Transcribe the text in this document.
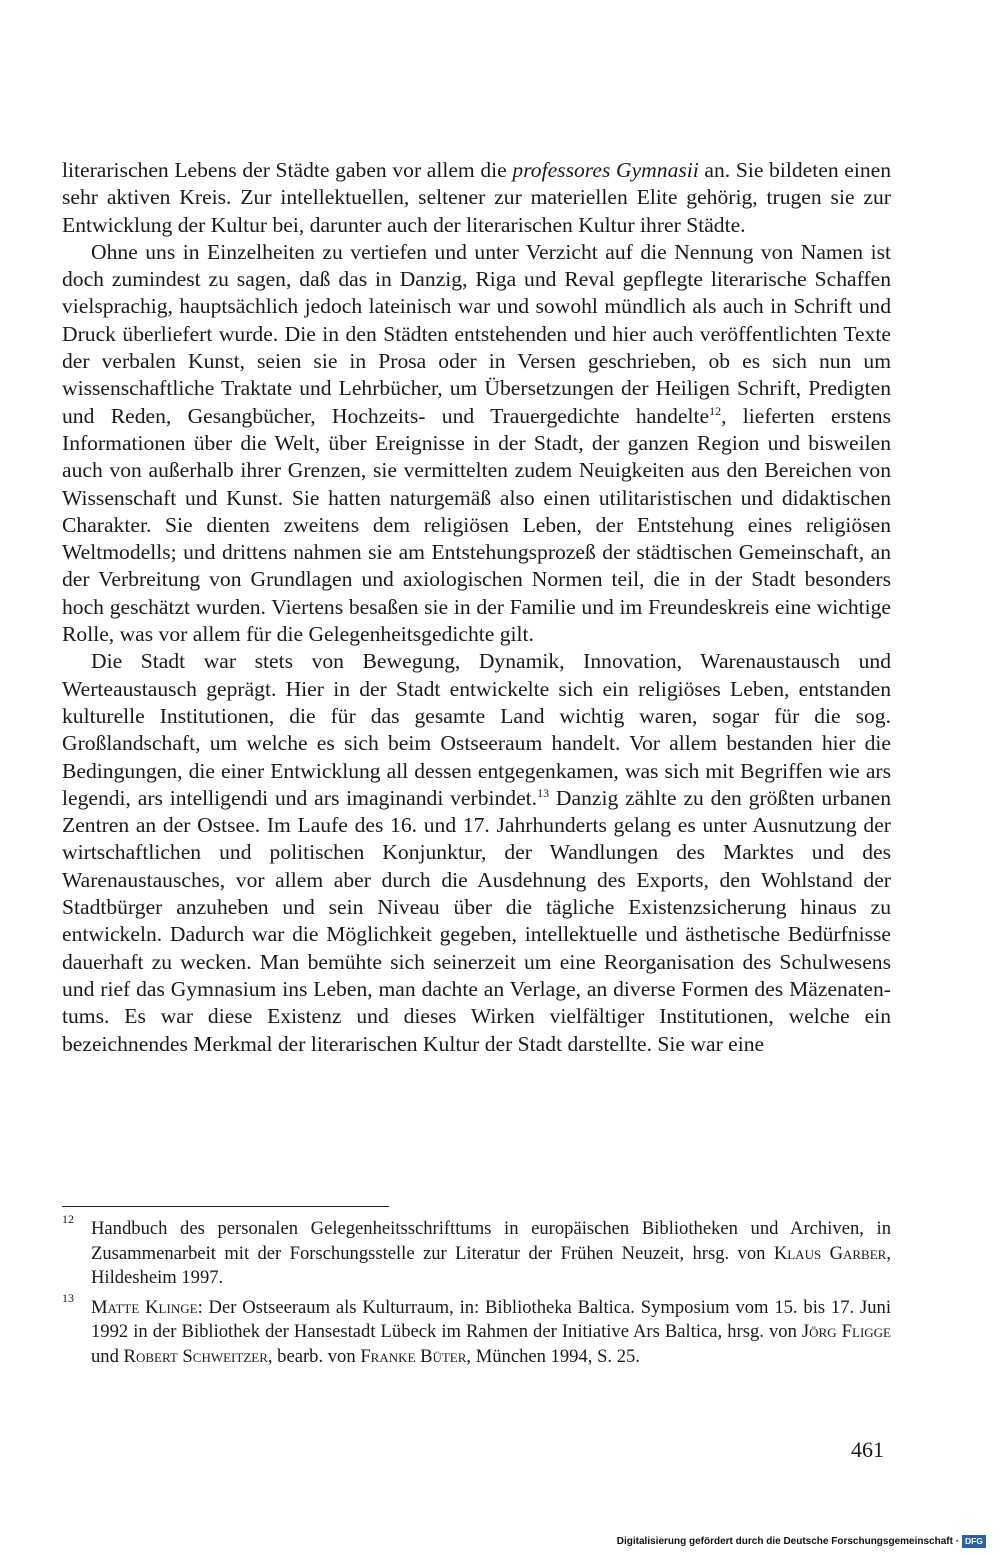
literarischen Lebens der Städte gaben vor allem die professores Gymnasii an. Sie bildeten einen sehr aktiven Kreis. Zur intellektuellen, seltener zur materiellen Elite gehörig, trugen sie zur Entwicklung der Kultur bei, darunter auch der literarischen Kultur ihrer Städte.

Ohne uns in Einzelheiten zu vertiefen und unter Verzicht auf die Nennung von Namen ist doch zumindest zu sagen, daß das in Danzig, Riga und Reval gepflegte literarische Schaffen vielsprachig, hauptsächlich jedoch lateinisch war und sowohl mündlich als auch in Schrift und Druck überliefert wurde. Die in den Städten entstehenden und hier auch veröffentlichten Texte der verbalen Kunst, seien sie in Prosa oder in Versen geschrieben, ob es sich nun um wissenschaftliche Traktate und Lehrbücher, um Übersetzungen der Heiligen Schrift, Predigten und Reden, Gesangbücher, Hochzeits- und Trauergedichte handelte$^{12}$, lieferten erstens Informationen über die Welt, über Ereignisse in der Stadt, der ganzen Region und bisweilen auch von außerhalb ihrer Grenzen, sie vermittelten zudem Neuigkeiten aus den Bereichen von Wissenschaft und Kunst. Sie hatten naturgemäß also einen utilitaristischen und didaktischen Charakter. Sie dienten zweitens dem religiösen Leben, der Entstehung eines religiösen Weltmodells; und drittens nahmen sie am Entstehungsprozeß der städtischen Gemeinschaft, an der Verbreitung von Grundlagen und axiologischen Normen teil, die in der Stadt besonders hoch geschätzt wurden. Viertens besaßen sie in der Familie und im Freundeskreis eine wichtige Rolle, was vor allem für die Gelegenheitsgedichte gilt.

Die Stadt war stets von Bewegung, Dynamik, Innovation, Warenaustausch und Werteaustausch geprägt. Hier in der Stadt entwickelte sich ein religiöses Leben, entstanden kulturelle Institutionen, die für das gesamte Land wichtig waren, sogar für die sog. Großlandschaft, um welche es sich beim Ostseeraum handelt. Vor allem bestanden hier die Bedingungen, die einer Entwicklung all dessen entgegenkamen, was sich mit Begriffen wie ars legendi, ars intelligendi und ars imaginandi verbindet.$^{13}$ Danzig zählte zu den größten urbanen Zentren an der Ostsee. Im Laufe des 16. und 17. Jahrhunderts gelang es unter Ausnutzung der wirtschaftlichen und politischen Konjunktur, der Wandlungen des Marktes und des Warenaustausches, vor allem aber durch die Ausdehnung des Exports, den Wohlstand der Stadtbürger anzuheben und sein Niveau über die tägliche Existenzsicherung hinaus zu entwickeln. Dadurch war die Möglichkeit gegeben, intellektuelle und ästhetische Bedürfnisse dauerhaft zu wecken. Man bemühte sich seinerzeit um eine Reorganisation des Schulwesens und rief das Gymnasium ins Leben, man dachte an Verlage, an diverse Formen des Mäzenatentums. Es war diese Existenz und dieses Wirken vielfältiger Institutionen, welche ein bezeichnendes Merkmal der literarischen Kultur der Stadt darstellte. Sie war eine

12 Handbuch des personalen Gelegenheitsschrifttums in europäischen Bibliotheken und Archiven, in Zusammenarbeit mit der Forschungsstelle zur Literatur der Frühen Neuzeit, hrsg. von Klaus Garber, Hildesheim 1997.
13 Matte Klinge: Der Ostseeraum als Kulturraum, in: Bibliotheka Baltica. Symposium vom 15. bis 17. Juni 1992 in der Bibliothek der Hansestadt Lübeck im Rahmen der Initiative Ars Baltica, hrsg. von Jörg Fligge und Robert Schweitzer, bearb. von Franke Büter, München 1994, S. 25.
461
Digitalisierung gefördert durch die Deutsche Forschungsgemeinschaft · DFG
